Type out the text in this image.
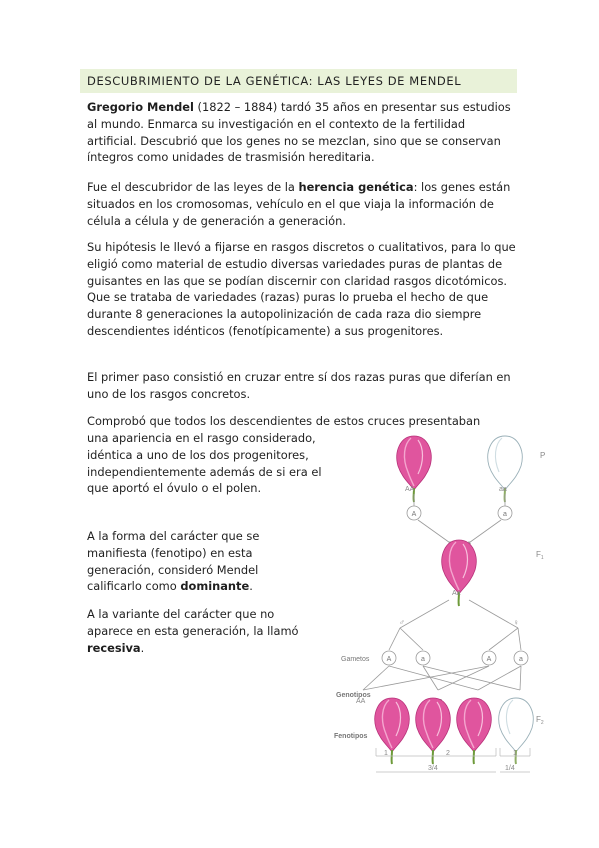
DESCUBRIMIENTO DE LA GENÉTICA: LAS LEYES DE MENDEL

Gregorio Mendel (1822 – 1884) tardó 35 años en presentar sus estudios al mundo. Enmarca su investigación en el contexto de la fertilidad artificial. Descubrió que los genes no se mezclan, sino que se conservan íntegros como unidades de trasmisión hereditaria.

Fue el descubridor de las leyes de la herencia genética: los genes están situados en los cromosomas, vehículo en el que viaja la información de célula a célula y de generación a generación.

Su hipótesis le llevó a fijarse en rasgos discretos o cualitativos, para lo que eligió como material de estudio diversas variedades puras de plantas de guisantes en las que se podían discernir con claridad rasgos dicotómicos. Que se trataba de variedades (razas) puras lo prueba el hecho de que durante 8 generaciones la autopolinización de cada raza dio siempre descendientes idénticos (fenotípicamente) a sus progenitores.

El primer paso consistió en cruzar entre sí dos razas puras que diferían en uno de los rasgos concretos.

Comprobó que todos los descendientes de estos cruces presentaban

una apariencia en el rasgo considerado, idéntica a uno de los dos progenitores, independientemente además de si era el que aportó el óvulo o el polen.

A la forma del carácter que se manifiesta (fenotipo) en esta generación, consideró Mendel calificarlo como dominante.

A la variante del carácter que no aparece en esta generación, la llamó recesiva.

P
AA	aa
A	a
$F_1$
Aa
♂	♀
Gametos A	a	A	a
Genotipos
AA
Fenotipos
$F_2$
1	2	1
3/4	1/4
